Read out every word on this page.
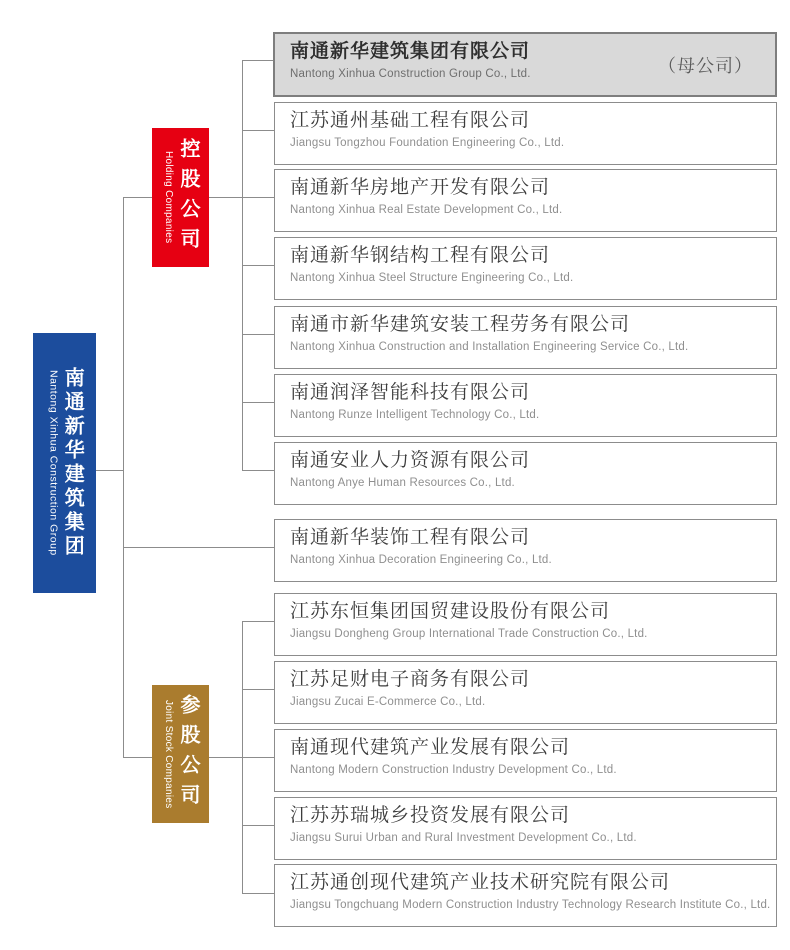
南通新华建筑集团
Nantong Xinhua Construction Group
控股公司
Holding Companies
参股公司
Joint Stock Companies
南通新华建筑集团有限公司
Nantong Xinhua Construction Group Co., Ltd.	（母公司）
江苏通州基础工程有限公司
Jiangsu Tongzhou Foundation Engineering Co., Ltd.
南通新华房地产开发有限公司
Nantong Xinhua Real Estate Development Co., Ltd.
南通新华钢结构工程有限公司
Nantong Xinhua Steel Structure Engineering Co., Ltd.
南通市新华建筑安装工程劳务有限公司
Nantong Xinhua Construction and Installation Engineering Service Co., Ltd.
南通润泽智能科技有限公司
Nantong Runze Intelligent Technology Co., Ltd.
南通安业人力资源有限公司
Nantong Anye Human Resources Co., Ltd.
南通新华装饰工程有限公司
Nantong Xinhua Decoration Engineering Co., Ltd.
江苏东恒集团国贸建设股份有限公司
Jiangsu Dongheng Group International Trade Construction Co., Ltd.
江苏足财电子商务有限公司
Jiangsu Zucai E-Commerce Co., Ltd.
南通现代建筑产业发展有限公司
Nantong Modern Construction Industry Development Co., Ltd.
江苏苏瑞城乡投资发展有限公司
Jiangsu Surui Urban and Rural Investment Development Co., Ltd.
江苏通创现代建筑产业技术研究院有限公司
Jiangsu Tongchuang Modern Construction Industry Technology Research Institute Co., Ltd.
